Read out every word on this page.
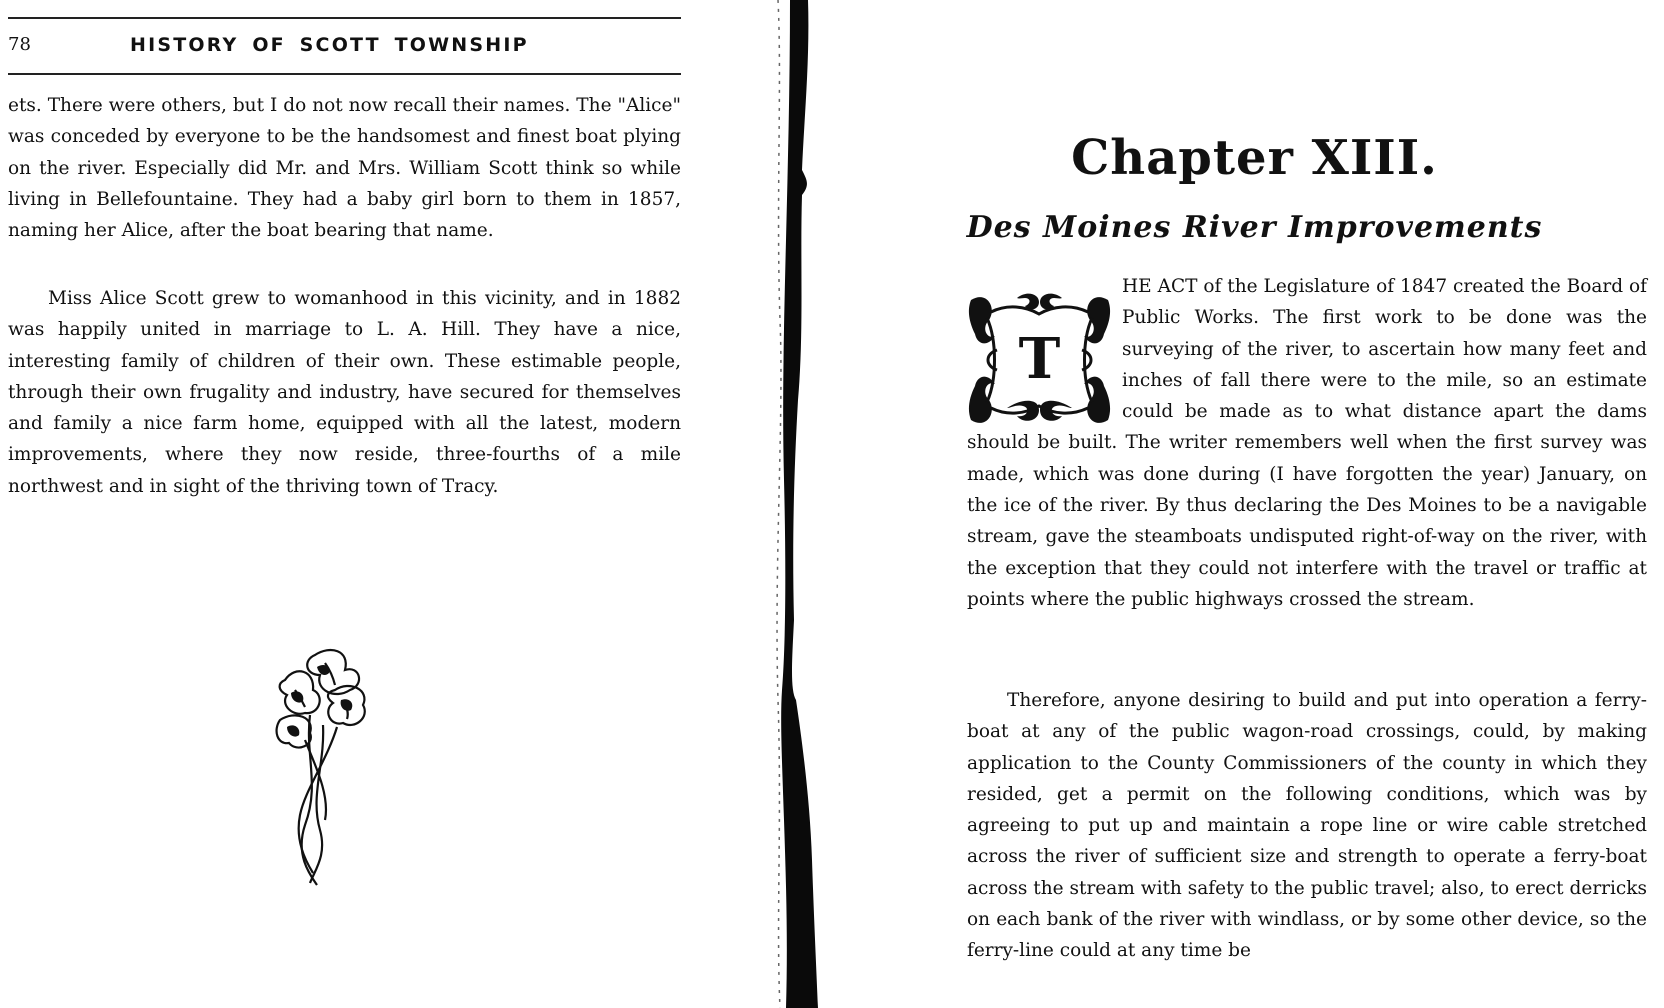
78	HISTORY OF SCOTT TOWNSHIP

ets. There were others, but I do not now recall their names. The "Alice" was conceded by everyone to be the handsomest and finest boat plying on the river. Especially did Mr. and Mrs. William Scott think so while living in Bellefountaine. They had a baby girl born to them in 1857, naming her Alice, after the boat bearing that name.

Miss Alice Scott grew to womanhood in this vicinity, and in 1882 was happily united in marriage to L. A. Hill. They have a nice, interesting family of children of their own. These estimable people, through their own frugality and industry, have secured for themselves and family a nice farm home, equipped with all the latest, modern improvements, where they now reside, three-fourths of a mile northwest and in sight of the thriving town of Tracy.

Chapter XIII.
Des Moines River Improvements
T

HE ACT of the Legislature of 1847 created the Board of Public Works. The first work to be done was the surveying of the river, to ascertain how many feet and inches of fall there were to the mile, so an estimate could be made as to what distance apart the dams should be built. The writer remembers well when the first survey was made, which was done during (I have forgotten the year) January, on the ice of the river. By thus declaring the Des Moines to be a navigable stream, gave the steamboats undisputed right-of-way on the river, with the exception that they could not interfere with the travel or traffic at points where the public highways crossed the stream.

Therefore, anyone desiring to build and put into operation a ferry-boat at any of the public wagon-road crossings, could, by making application to the County Commissioners of the county in which they resided, get a permit on the following conditions, which was by agreeing to put up and maintain a rope line or wire cable stretched across the river of sufficient size and strength to operate a ferry-boat across the stream with safety to the public travel; also, to erect derricks on each bank of the river with windlass, or by some other device, so the ferry-line could at any time be
